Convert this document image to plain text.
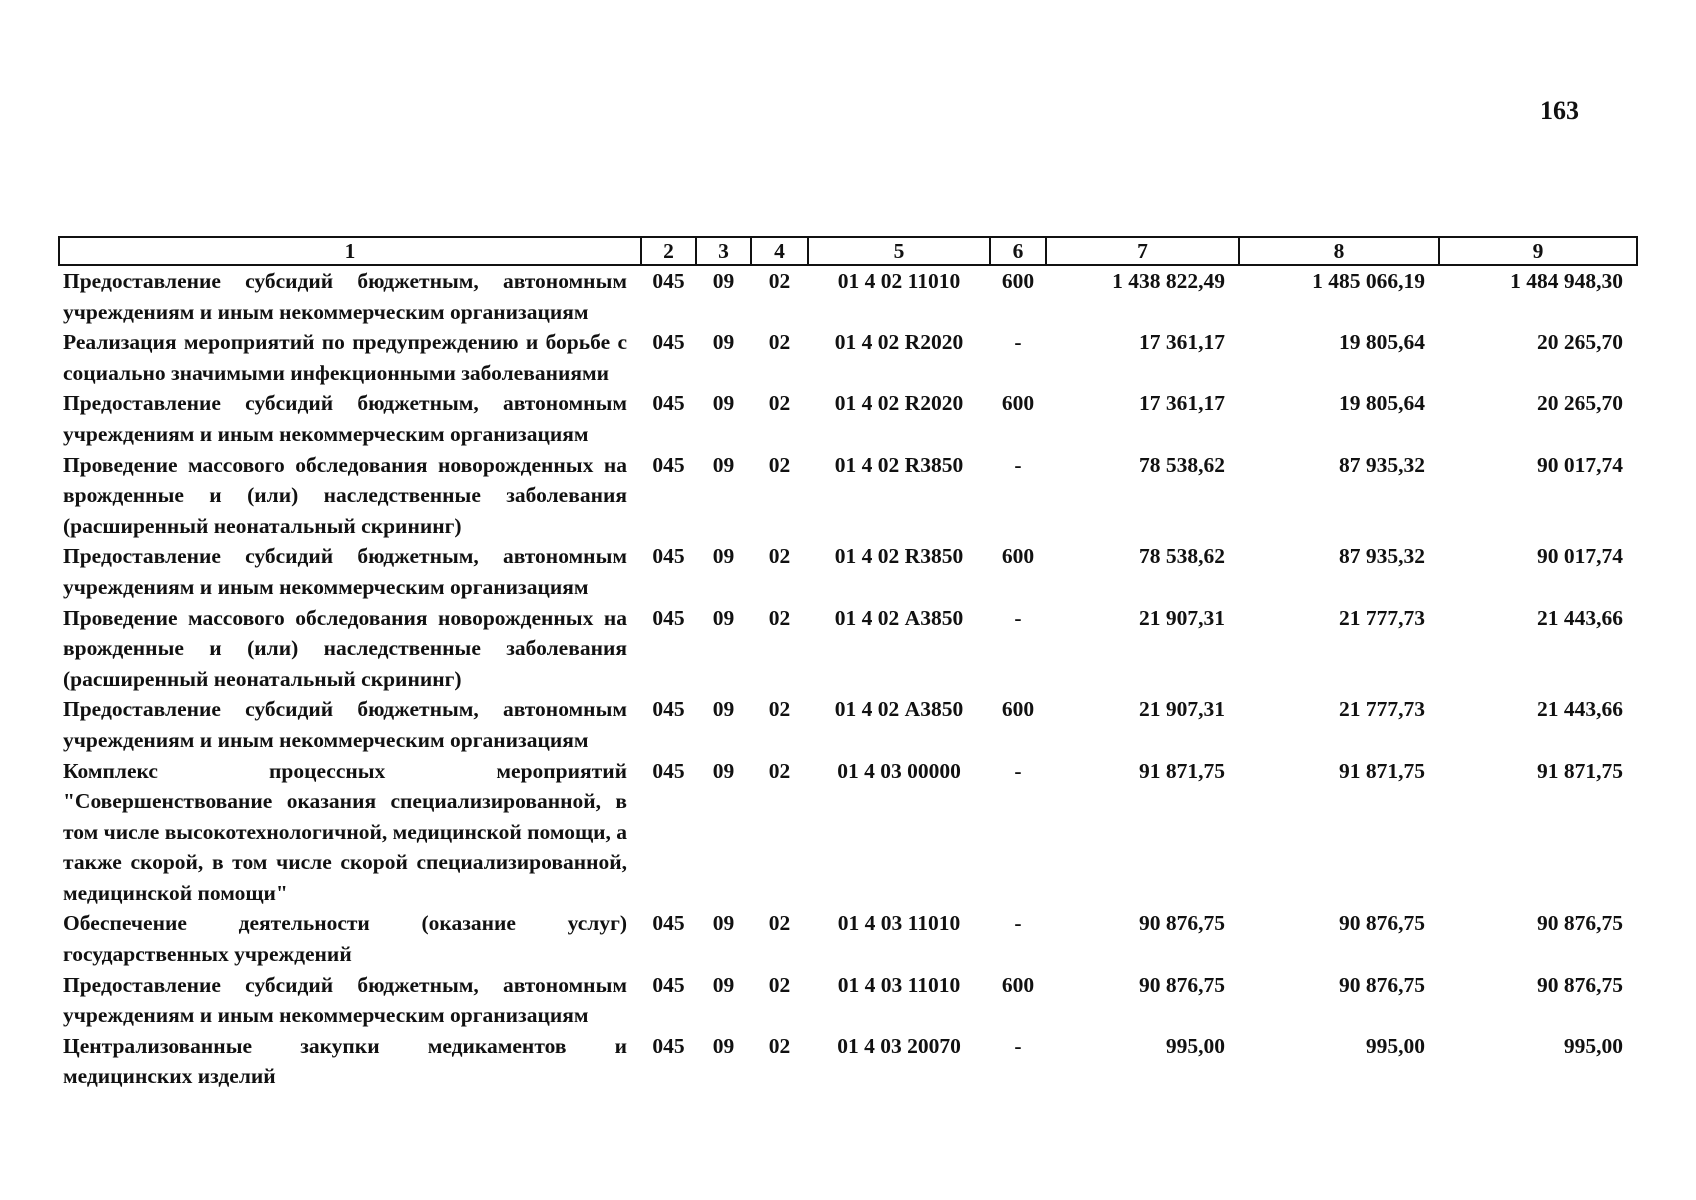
163
1	2	3	4	5	6	7	8	9
Предоставление субсидий бюджетным, автономным учреждениям и иным некоммерческим организациям	045	09	02	01 4 02 11010	600	1 438 822,49	1 485 066,19	1 484 948,30
Реализация мероприятий по предупреждению и борьбе с социально значимыми инфекционными заболеваниями	045	09	02	01 4 02 R2020	-	17 361,17	19 805,64	20 265,70
Предоставление субсидий бюджетным, автономным учреждениям и иным некоммерческим организациям	045	09	02	01 4 02 R2020	600	17 361,17	19 805,64	20 265,70
Проведение массового обследования новорожденных на врожденные и (или) наследственные заболевания (расширенный неонатальный скрининг)	045	09	02	01 4 02 R3850	-	78 538,62	87 935,32	90 017,74
Предоставление субсидий бюджетным, автономным учреждениям и иным некоммерческим организациям	045	09	02	01 4 02 R3850	600	78 538,62	87 935,32	90 017,74
Проведение массового обследования новорожденных на врожденные и (или) наследственные заболевания (расширенный неонатальный скрининг)	045	09	02	01 4 02 А3850	-	21 907,31	21 777,73	21 443,66
Предоставление субсидий бюджетным, автономным учреждениям и иным некоммерческим организациям	045	09	02	01 4 02 А3850	600	21 907,31	21 777,73	21 443,66
Комплекс процессных мероприятий "Совершенствование оказания специализированной, в том числе высокотехнологичной, медицинской помощи, а также скорой, в том числе скорой специализированной, медицинской помощи"	045	09	02	01 4 03 00000	-	91 871,75	91 871,75	91 871,75
Обеспечение деятельности (оказание услуг) государственных учреждений	045	09	02	01 4 03 11010	-	90 876,75	90 876,75	90 876,75
Предоставление субсидий бюджетным, автономным учреждениям и иным некоммерческим организациям	045	09	02	01 4 03 11010	600	90 876,75	90 876,75	90 876,75
Централизованные закупки медикаментов и медицинских изделий	045	09	02	01 4 03 20070	-	995,00	995,00	995,00
